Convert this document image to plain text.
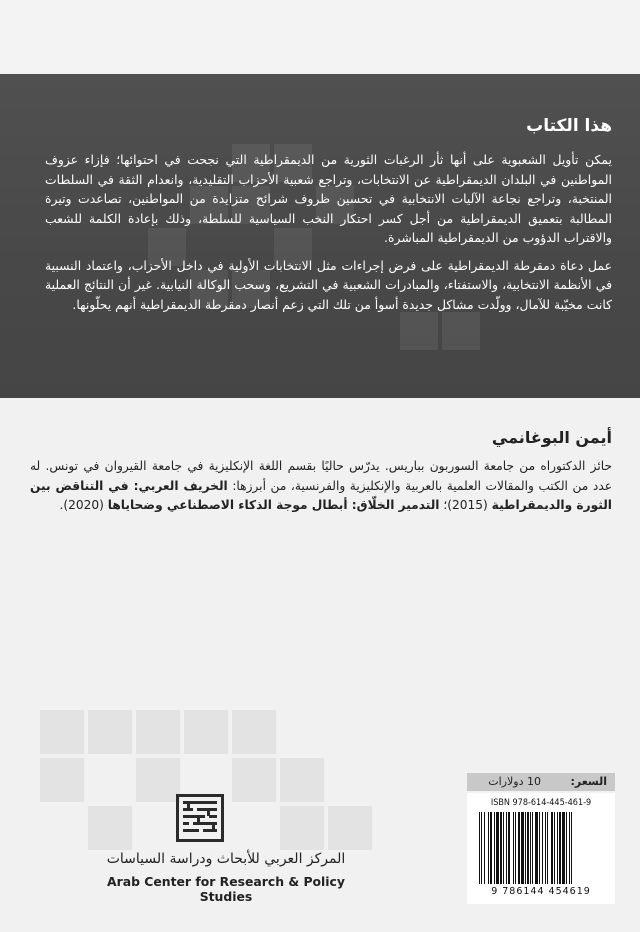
هذا الكتاب

يمكن تأويل الشعبوية على أنها ثأر الرغبات الثورية من الديمقراطية التي نجحت في احتوائها؛ فإزاء عزوف المواطنين في البلدان الديمقراطية عن الانتخابات، وتراجع شعبية الأحزاب التقليدية، وانعدام الثقة في السلطات المنتخبة، وتراجع نجاعة الآليات الانتخابية في تحسين ظروف شرائح متزايدة من المواطنين، تصاعدت وتيرة المطالبة بتعميق الديمقراطية من أجل كسر احتكار النخب السياسية للسلطة، وذلك بإعادة الكلمة للشعب والاقتراب الدؤوب من الديمقراطية المباشرة.

عمل دعاة دمقرطة الديمقراطية على فرض إجراءات مثل الانتخابات الأولية في داخل الأحزاب، واعتماد النسبية في الأنظمة الانتخابية، والاستفتاء، والمبادرات الشعبية في التشريع، وسحب الوكالة النيابية. غير أن النتائج العملية كانت مخيّبة للآمال، وولّدت مشاكل جديدة أسوأ من تلك التي زعم أنصار دمقرطة الديمقراطية أنهم يحلّونها.

أيمن البوغانمي

حائز الدكتوراه من جامعة السوربون بباريس. يدرّس حاليًا بقسم اللغة الإنكليزية في جامعة القيروان في تونس. له عدد من الكتب والمقالات العلمية بالعربية والإنكليزية والفرنسية، من أبرزها: الخريف العربي: في التناقض بين الثورة والديمقراطية (2015)؛ التدمير الخلّاق: أبطال موجة الذكاء الاصطناعي وضحاياها (2020).

المركز العربي للأبحاث ودراسة السياسات
Arab Center for Research & Policy Studies
السعر:
10 دولارات
ISBN 978-614-445-461-9
9 786144 454619
